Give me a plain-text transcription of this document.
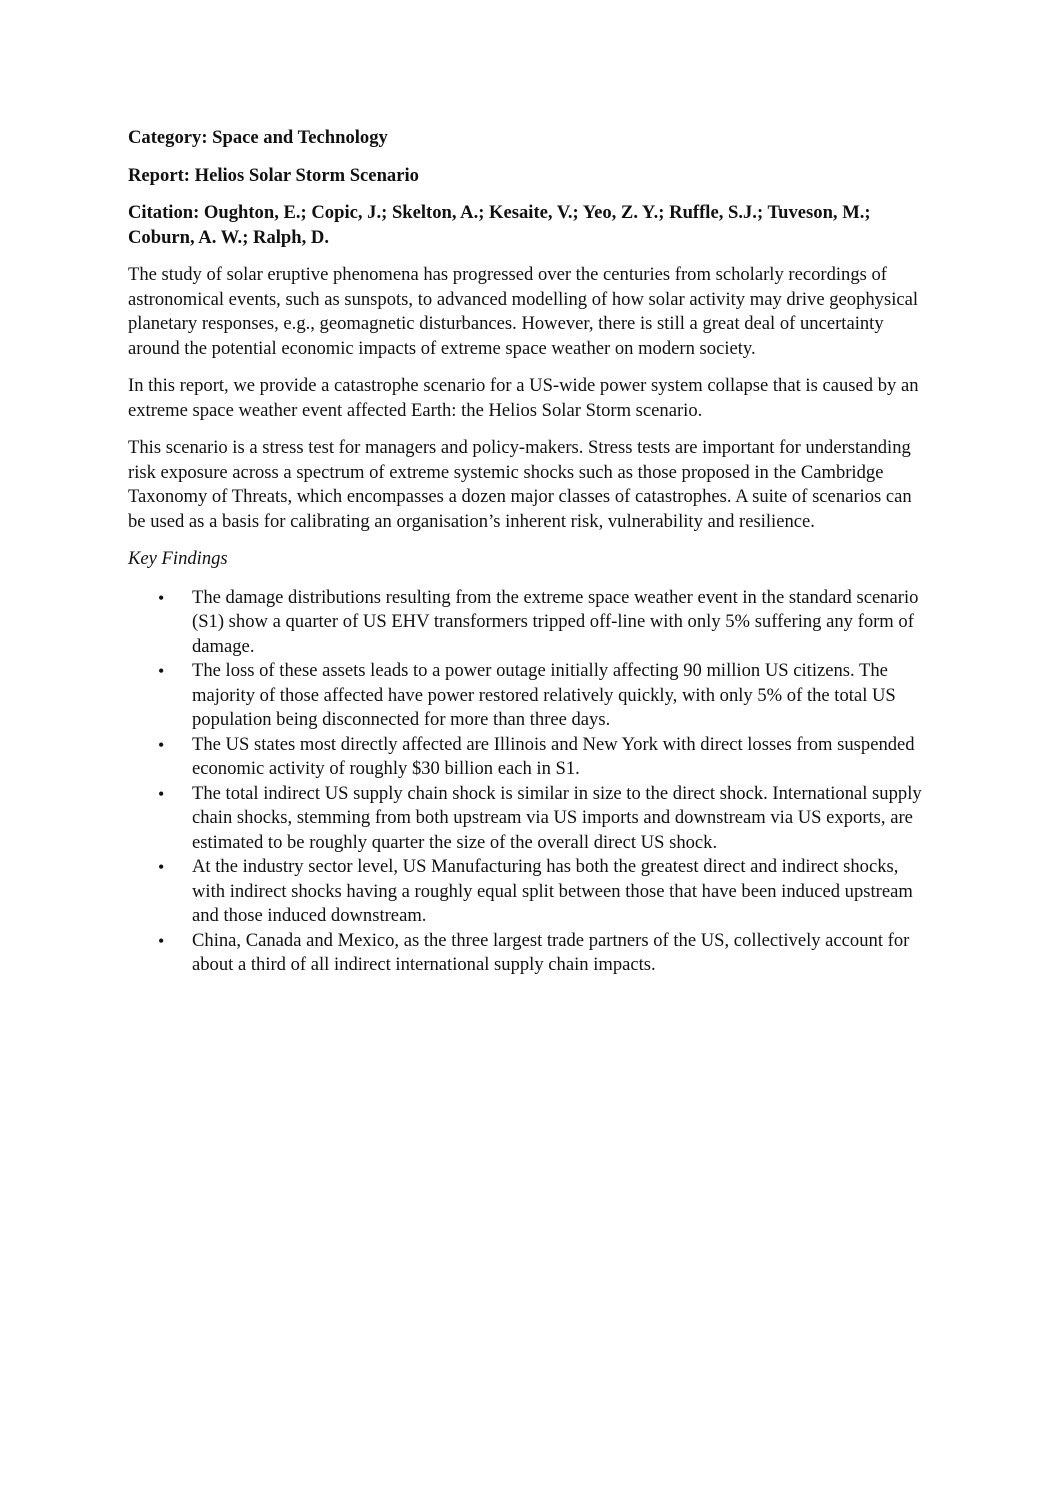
Category: Space and Technology

Report: Helios Solar Storm Scenario

Citation: Oughton, E.; Copic, J.; Skelton, A.; Kesaite, V.; Yeo, Z. Y.; Ruffle, S.J.; Tuveson, M.; Coburn, A. W.; Ralph, D.

The study of solar eruptive phenomena has progressed over the centuries from scholarly recordings of astronomical events, such as sunspots, to advanced modelling of how solar activity may drive geophysical planetary responses, e.g., geomagnetic disturbances. However, there is still a great deal of uncertainty around the potential economic impacts of extreme space weather on modern society.

In this report, we provide a catastrophe scenario for a US-wide power system collapse that is caused by an extreme space weather event affected Earth: the Helios Solar Storm scenario.

This scenario is a stress test for managers and policy-makers. Stress tests are important for understanding risk exposure across a spectrum of extreme systemic shocks such as those proposed in the Cambridge Taxonomy of Threats, which encompasses a dozen major classes of catastrophes. A suite of scenarios can be used as a basis for calibrating an organisation’s inherent risk, vulnerability and resilience.

Key Findings

• The damage distributions resulting from the extreme space weather event in the standard scenario (S1) show a quarter of US EHV transformers tripped off-line with only 5% suffering any form of damage.
• The loss of these assets leads to a power outage initially affecting 90 million US citizens. The majority of those affected have power restored relatively quickly, with only 5% of the total US population being disconnected for more than three days.
• The US states most directly affected are Illinois and New York with direct losses from suspended economic activity of roughly $30 billion each in S1.
• The total indirect US supply chain shock is similar in size to the direct shock. International supply chain shocks, stemming from both upstream via US imports and downstream via US exports, are estimated to be roughly quarter the size of the overall direct US shock.
• At the industry sector level, US Manufacturing has both the greatest direct and indirect shocks, with indirect shocks having a roughly equal split between those that have been induced upstream and those induced downstream.
• China, Canada and Mexico, as the three largest trade partners of the US, collectively account for about a third of all indirect international supply chain impacts.
